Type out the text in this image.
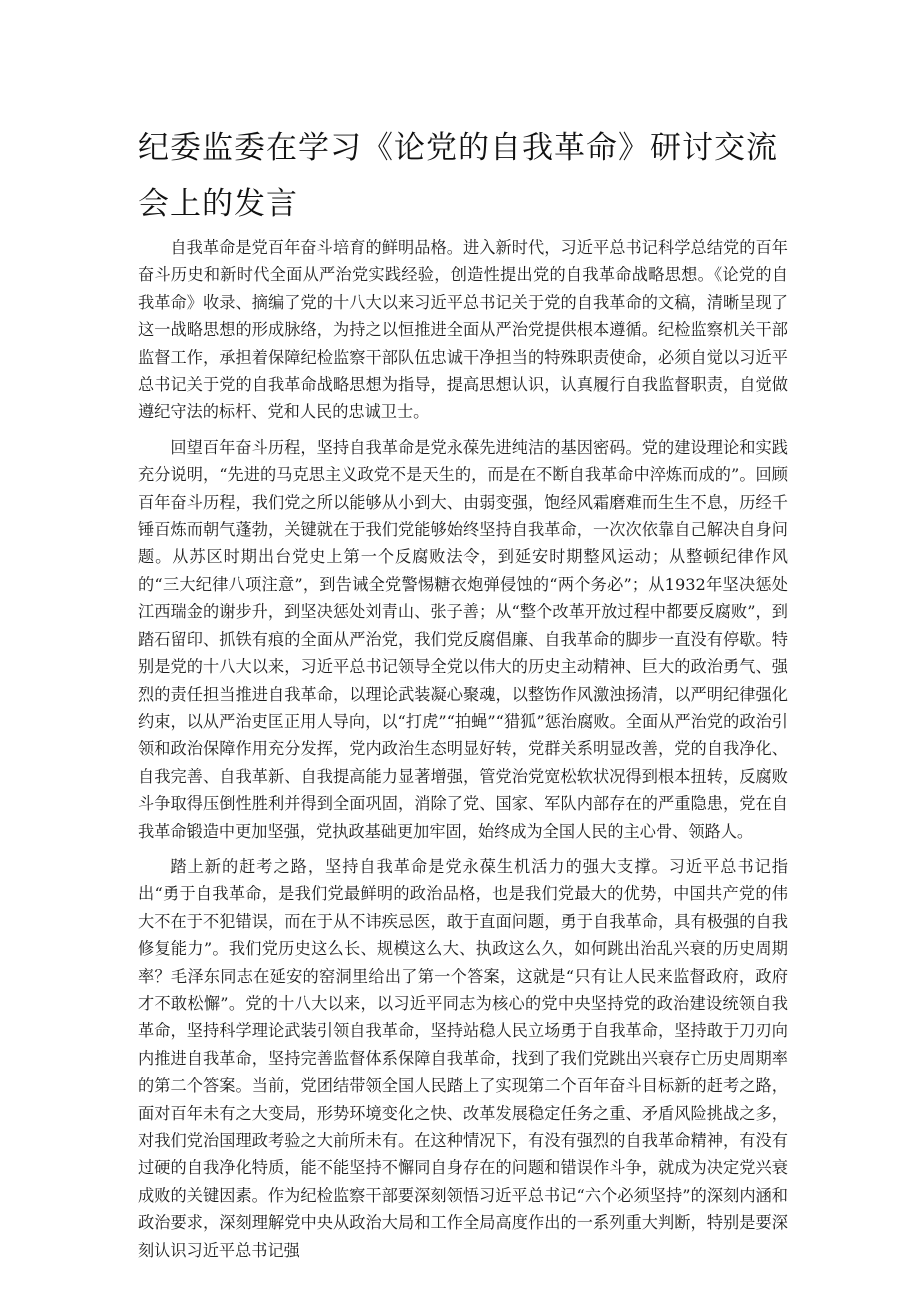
纪委监委在学习《论党的自我革命》研讨交流会上的发言

自我革命是党百年奋斗培育的鲜明品格。进入新时代，习近平总书记科学总结党的百年奋斗历史和新时代全面从严治党实践经验，创造性提出党的自我革命战略思想。《论党的自我革命》收录、摘编了党的十八大以来习近平总书记关于党的自我革命的文稿，清晰呈现了这一战略思想的形成脉络，为持之以恒推进全面从严治党提供根本遵循。纪检监察机关干部监督工作，承担着保障纪检监察干部队伍忠诚干净担当的特殊职责使命，必须自觉以习近平总书记关于党的自我革命战略思想为指导，提高思想认识，认真履行自我监督职责，自觉做遵纪守法的标杆、党和人民的忠诚卫士。

回望百年奋斗历程，坚持自我革命是党永葆先进纯洁的基因密码。党的建设理论和实践充分说明，“先进的马克思主义政党不是天生的，而是在不断自我革命中淬炼而成的”。回顾百年奋斗历程，我们党之所以能够从小到大、由弱变强，饱经风霜磨难而生生不息，历经千锤百炼而朝气蓬勃，关键就在于我们党能够始终坚持自我革命，一次次依靠自己解决自身问题。从苏区时期出台党史上第一个反腐败法令，到延安时期整风运动；从整顿纪律作风的“三大纪律八项注意”，到告诫全党警惕糖衣炮弹侵蚀的“两个务必”；从1932年坚决惩处江西瑞金的谢步升，到坚决惩处刘青山、张子善；从“整个改革开放过程中都要反腐败”，到踏石留印、抓铁有痕的全面从严治党，我们党反腐倡廉、自我革命的脚步一直没有停歇。特别是党的十八大以来，习近平总书记领导全党以伟大的历史主动精神、巨大的政治勇气、强烈的责任担当推进自我革命，以理论武装凝心聚魂，以整饬作风激浊扬清，以严明纪律强化约束，以从严治吏匡正用人导向，以“打虎”“拍蝇”“猎狐”惩治腐败。全面从严治党的政治引领和政治保障作用充分发挥，党内政治生态明显好转，党群关系明显改善，党的自我净化、自我完善、自我革新、自我提高能力显著增强，管党治党宽松软状况得到根本扭转，反腐败斗争取得压倒性胜利并得到全面巩固，消除了党、国家、军队内部存在的严重隐患，党在自我革命锻造中更加坚强，党执政基础更加牢固，始终成为全国人民的主心骨、领路人。

踏上新的赶考之路，坚持自我革命是党永葆生机活力的强大支撑。习近平总书记指出“勇于自我革命，是我们党最鲜明的政治品格，也是我们党最大的优势，中国共产党的伟大不在于不犯错误，而在于从不讳疾忌医，敢于直面问题，勇于自我革命，具有极强的自我修复能力”。我们党历史这么长、规模这么大、执政这么久，如何跳出治乱兴衰的历史周期率？毛泽东同志在延安的窑洞里给出了第一个答案，这就是“只有让人民来监督政府，政府才不敢松懈”。党的十八大以来，以习近平同志为核心的党中央坚持党的政治建设统领自我革命，坚持科学理论武装引领自我革命，坚持站稳人民立场勇于自我革命，坚持敢于刀刃向内推进自我革命，坚持完善监督体系保障自我革命，找到了我们党跳出兴衰存亡历史周期率的第二个答案。当前，党团结带领全国人民踏上了实现第二个百年奋斗目标新的赶考之路，面对百年未有之大变局，形势环境变化之快、改革发展稳定任务之重、矛盾风险挑战之多，对我们党治国理政考验之大前所未有。在这种情况下，有没有强烈的自我革命精神，有没有过硬的自我净化特质，能不能坚持不懈同自身存在的问题和错误作斗争，就成为决定党兴衰成败的关键因素。作为纪检监察干部要深刻领悟习近平总书记“六个必须坚持”的深刻内涵和政治要求，深刻理解党中央从政治大局和工作全局高度作出的一系列重大判断，特别是要深刻认识习近平总书记强
